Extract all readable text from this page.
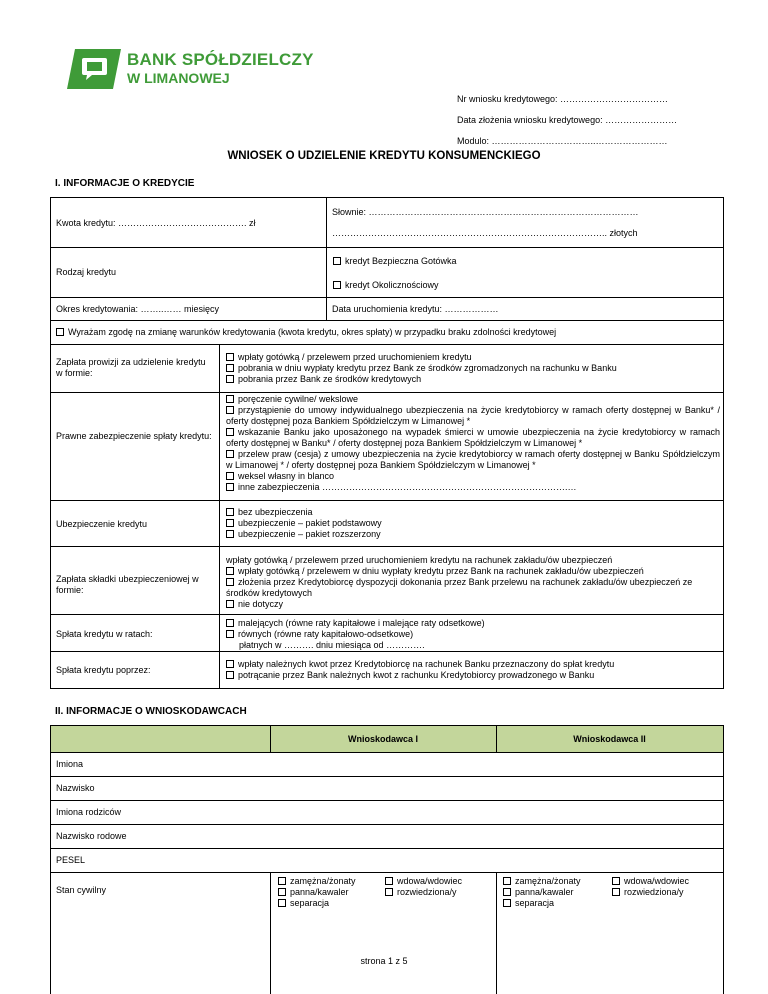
BANK SPÓŁDZIELCZY
W LIMANOWEJ
Nr wniosku kredytowego: ………………………………
Data złożenia wniosku kredytowego: ……………………
Modulo: ……………………………..……………………
WNIOSEK O UDZIELENIE KREDYTU KONSUMENCKIEGO
I. INFORMACJE O KREDYCIE
Kwota kredytu: ……………………………………. zł
Słownie: ………………………………………………………………………………
……………………………………………………………………………….. złotych
Rodzaj kredytu
kredyt Bezpieczna Gotówka
kredyt Okolicznościowy
Okres kredytowania: ……..…… miesięcy	Data uruchomienia kredytu: ………………
Wyrażam zgodę na zmianę warunków kredytowania (kwota kredytu, okres spłaty) w przypadku braku zdolności kredytowej
Zapłata prowizji za udzielenie kredytu w formie:
wpłaty gotówką / przelewem przed uruchomieniem kredytu
pobrania w dniu wypłaty kredytu przez Bank ze środków zgromadzonych na rachunku w Banku
pobrania przez Bank ze środków kredytowych
Prawne zabezpieczenie spłaty kredytu:
poręczenie cywilne/ wekslowe
przystąpienie do umowy indywidualnego ubezpieczenia na życie kredytobiorcy w ramach oferty dostępnej w Banku* / oferty dostępnej poza Bankiem Spółdzielczym w Limanowej *
wskazanie Banku jako uposażonego na wypadek śmierci w umowie ubezpieczenia na życie kredytobiorcy w ramach oferty dostępnej w Banku* / oferty dostępnej poza Bankiem Spółdzielczym w Limanowej *
przelew praw (cesja) z umowy ubezpieczenia na życie kredytobiorcy w ramach oferty dostępnej w Banku Spółdzielczym w Limanowej * / oferty dostępnej poza Bankiem Spółdzielczym w Limanowej *
weksel własny in blanco
inne zabezpieczenia ……………………………………………………………………….…
Ubezpieczenie kredytu
bez ubezpieczenia
ubezpieczenie – pakiet podstawowy
ubezpieczenie – pakiet rozszerzony
Zapłata składki ubezpieczeniowej w formie:
wpłaty gotówką / przelewem przed uruchomieniem kredytu na rachunek zakładu/ów ubezpieczeń
wpłaty gotówką / przelewem w dniu wypłaty kredytu przez Bank na rachunek zakładu/ów ubezpieczeń
złożenia przez Kredytobiorcę dyspozycji dokonania przez Bank przelewu na rachunek zakładu/ów ubezpieczeń ze środków kredytowych
nie dotyczy
Spłata kredytu w ratach:
malejących (równe raty kapitałowe i malejące raty odsetkowe)
równych (równe raty kapitałowo-odsetkowe)
płatnych w ………. dniu miesiąca od ………….
Spłata kredytu poprzez:
wpłaty należnych kwot przez Kredytobiorcę na rachunek Banku przeznaczony do spłat kredytu
potrącanie przez Bank należnych kwot z rachunku Kredytobiorcy prowadzonego w Banku
II. INFORMACJE O WNIOSKODAWCACH
Wnioskodawca I	Wnioskodawca II
Imiona
Nazwisko
Imiona rodziców
Nazwisko rodowe
PESEL
Stan cywilny
zamężna/żonaty
panna/kawaler
separacja
wdowa/wdowiec
rozwiedziona/y
zamężna/żonaty
panna/kawaler
separacja
wdowa/wdowiec
rozwiedziona/y
strona 1 z 5
